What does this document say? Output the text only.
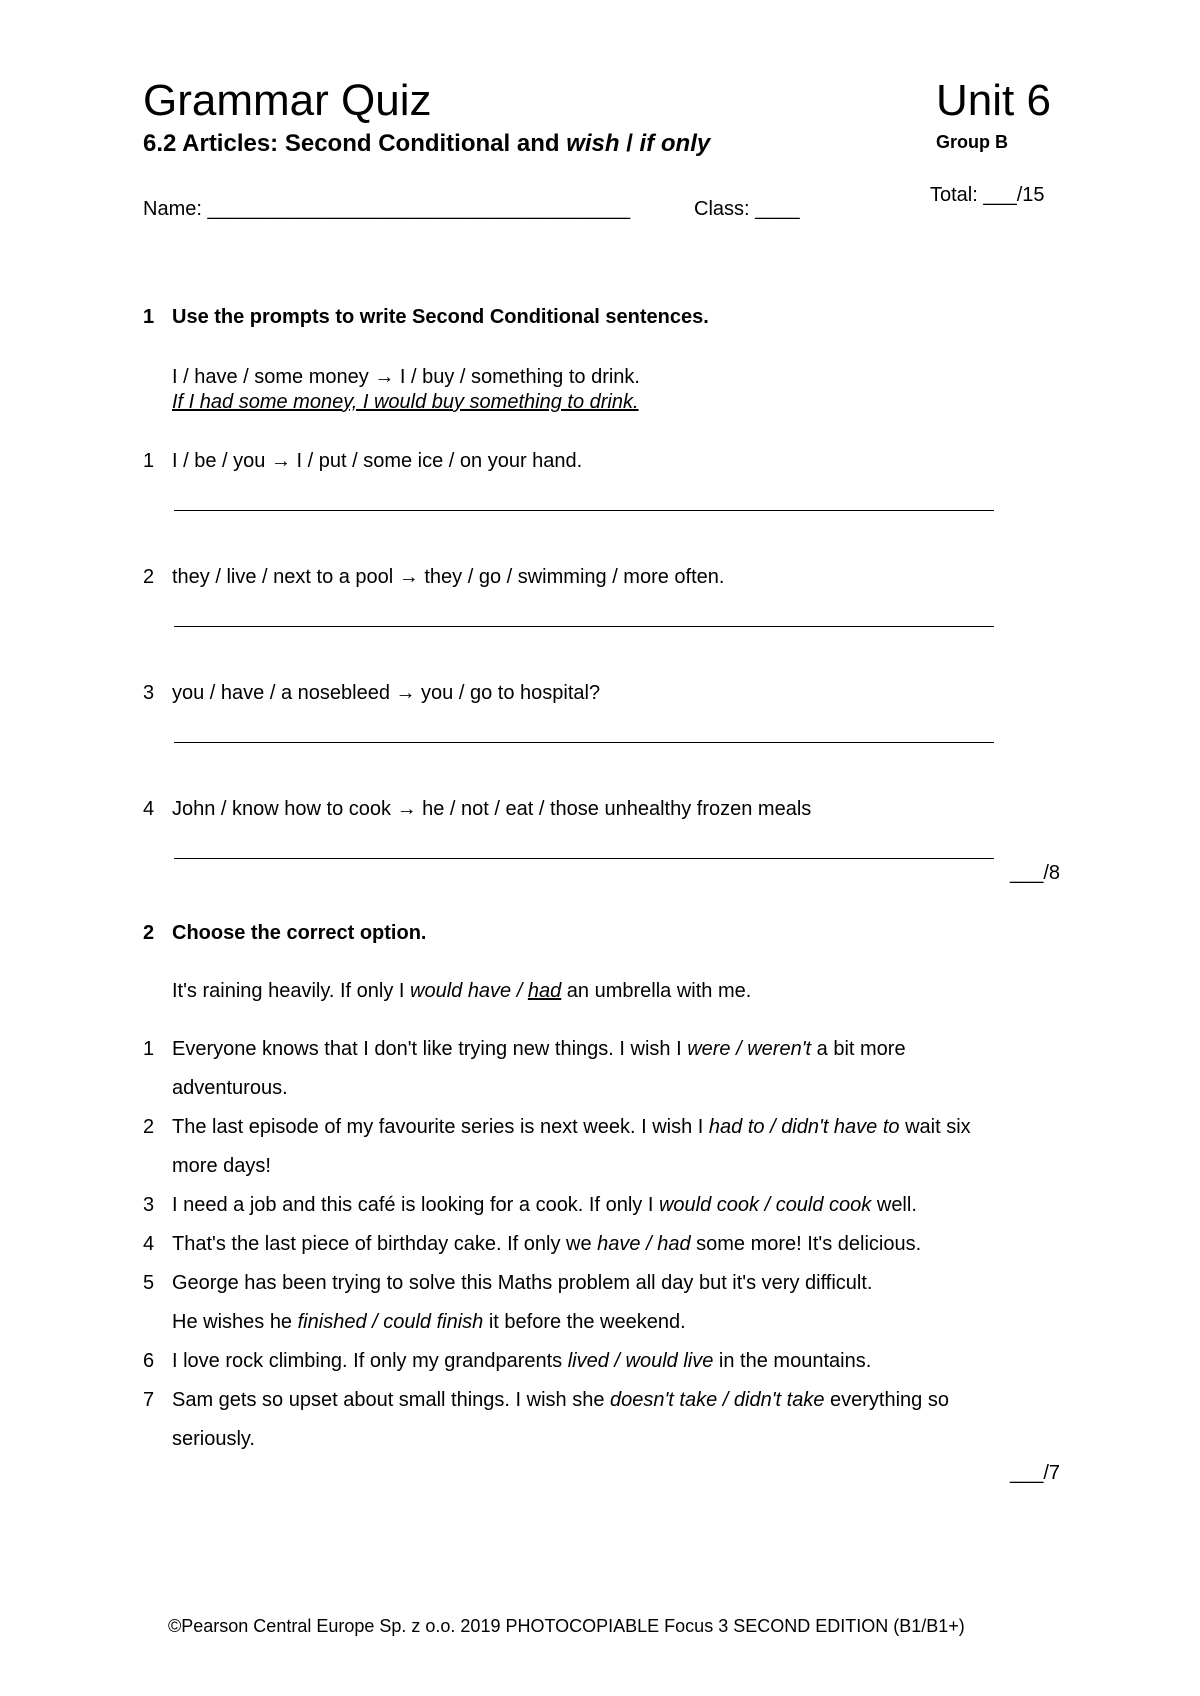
Grammar Quiz	Unit 6
6.2 Articles: Second Conditional and wish / if only	Group B
Total: ___/15
Name: ______________________________________	Class: ____
1 Use the prompts to write Second Conditional sentences.
I / have / some money → I / buy / something to drink.
If I had some money, I would buy something to drink.
1 I / be / you → I / put / some ice / on your hand.
2 they / live / next to a pool → they / go / swimming / more often.
3 you / have / a nosebleed → you / go to hospital?
4 John / know how to cook → he / not / eat / those unhealthy frozen meals
___/8
2 Choose the correct option.
It's raining heavily. If only I would have / had an umbrella with me.
1 Everyone knows that I don't like trying new things. I wish I were / weren't a bit more
adventurous.
2 The last episode of my favourite series is next week. I wish I had to / didn't have to wait six
more days!
3 I need a job and this café is looking for a cook. If only I would cook / could cook well.
4 That's the last piece of birthday cake. If only we have / had some more! It's delicious.
5 George has been trying to solve this Maths problem all day but it's very difficult.
He wishes he finished / could finish it before the weekend.
6 I love rock climbing. If only my grandparents lived / would live in the mountains.
7 Sam gets so upset about small things. I wish she doesn't take / didn't take everything so
seriously.
___/7
©Pearson Central Europe Sp. z o.o. 2019 PHOTOCOPIABLE Focus 3 SECOND EDITION (B1/B1+)
